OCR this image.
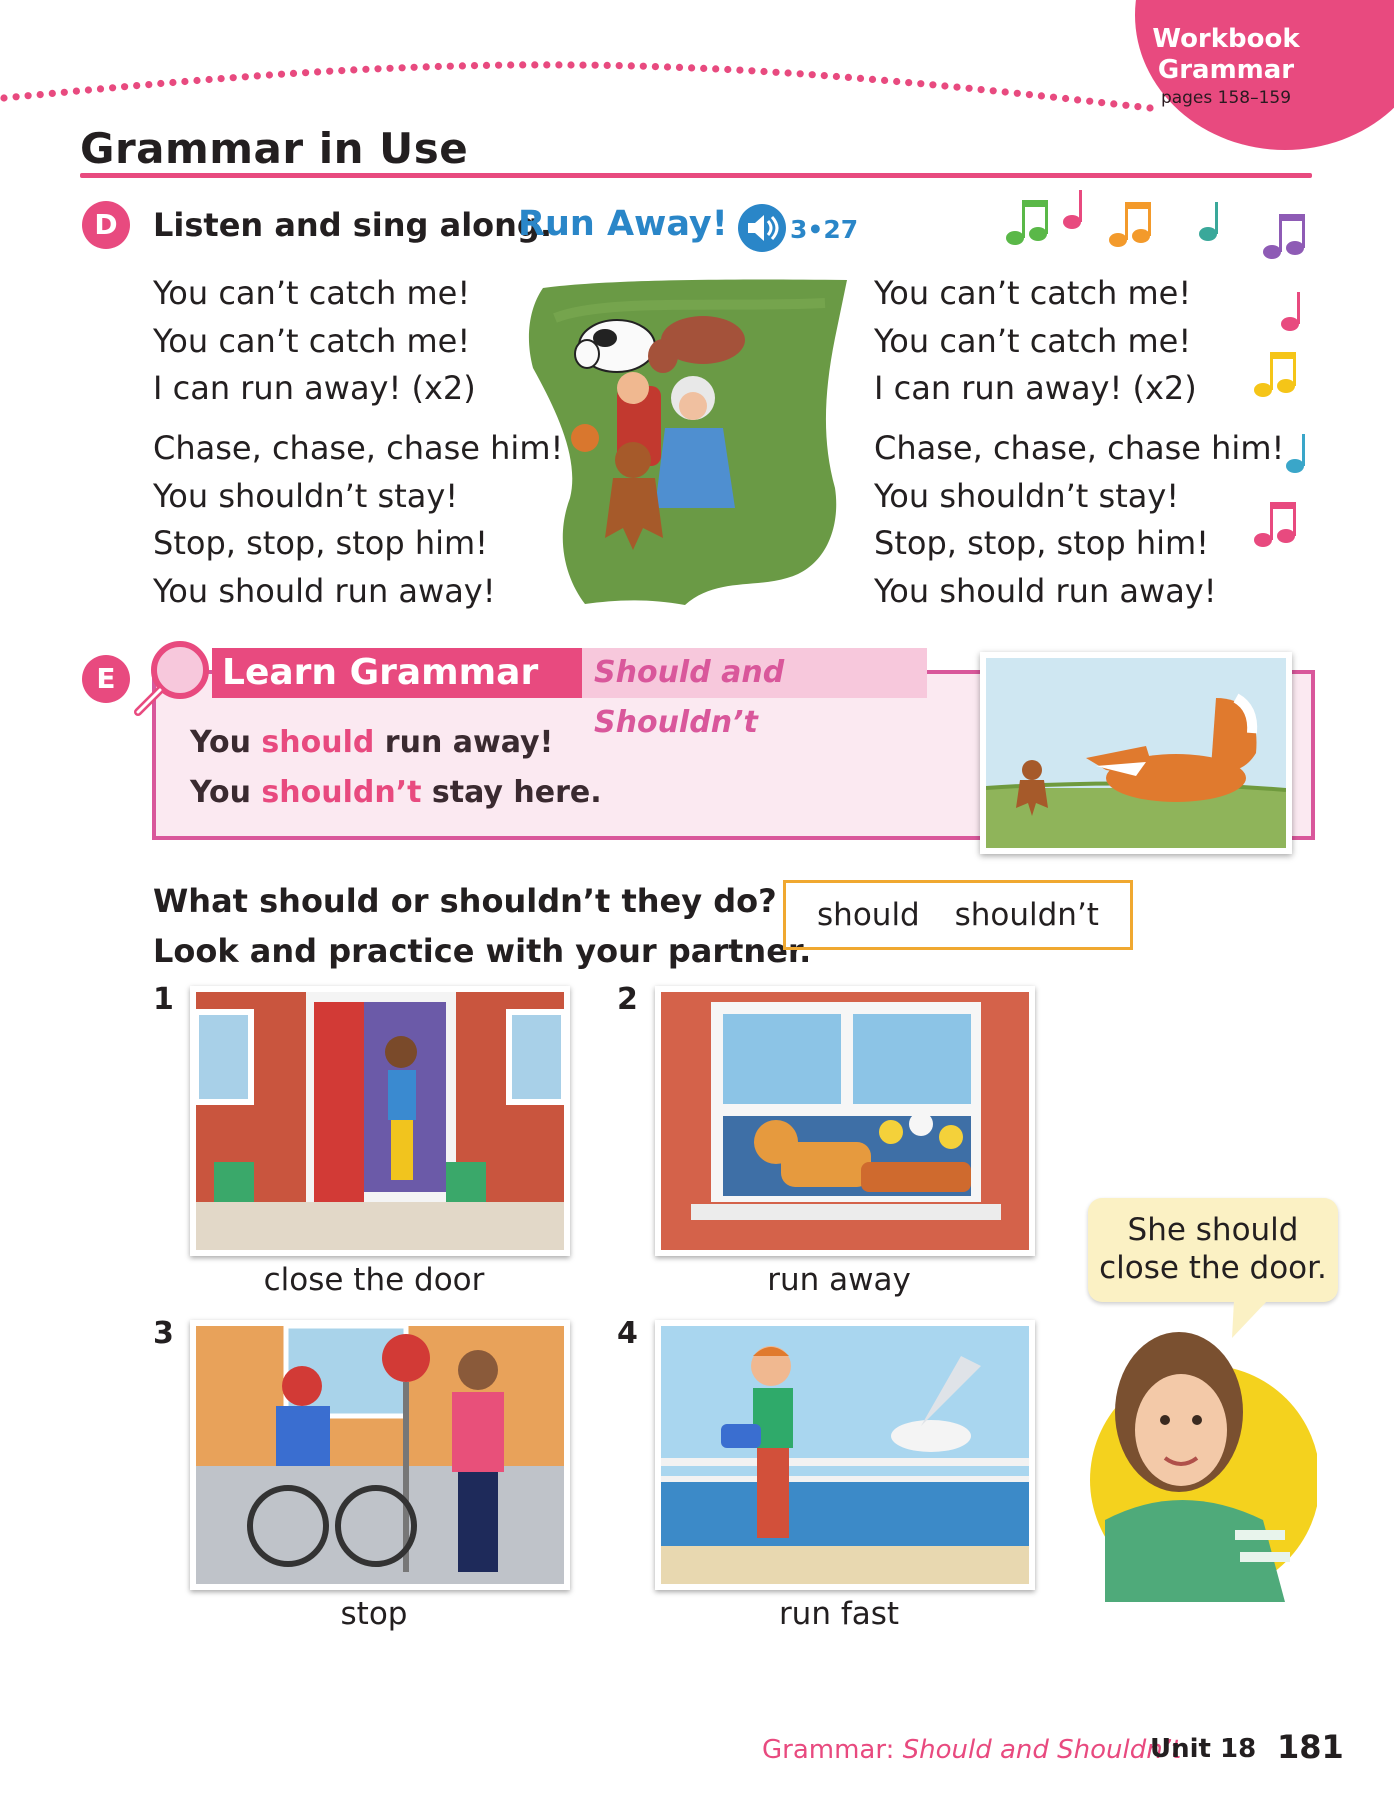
Workbook
Grammar
pages 158–159
Grammar in Use
D	Listen and sing along.
Run Away! 3•27
You can’t catch me!
You can’t catch me!
I can run away! (x2)
Chase, chase, chase him!
You shouldn’t stay!
Stop, stop, stop him!
You should run away!
You can’t catch me!
You can’t catch me!
I can run away! (x2)
Chase, chase, chase him!
You shouldn’t stay!
Stop, stop, stop him!
You should run away!
E	Learn Grammar	Should and Shouldn’t
You should run away!
You shouldn’t stay here.
What should or shouldn’t they do?
Look and practice with your partner.
should shouldn’t
1
close the door
2
run away
3
stop
4
run fast
She should close the door.
Grammar: Should and Shouldn’t
Unit 18 181
